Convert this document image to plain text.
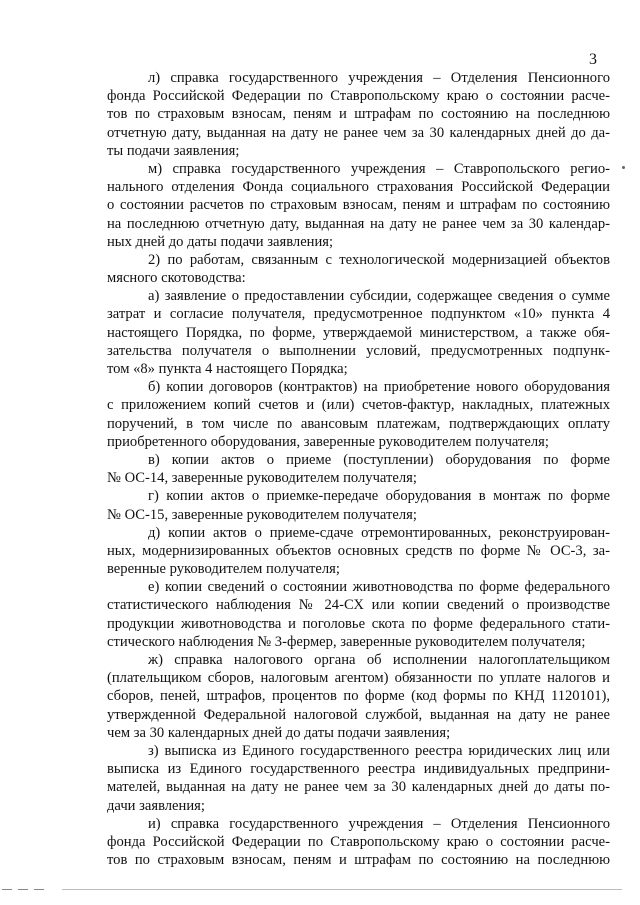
3
л) справка государственного учреждения – Отделения Пенсионного
фонда Российской Федерации по Ставропольскому краю о состоянии расче-
тов по страховым взносам, пеням и штрафам по состоянию на последнюю
отчетную дату, выданная на дату не ранее чем за 30 календарных дней до да-
ты подачи заявления;
м) справка государственного учреждения – Ставропольского регио-
нального отделения Фонда социального страхования Российской Федерации
о состоянии расчетов по страховым взносам, пеням и штрафам по состоянию
на последнюю отчетную дату, выданная на дату не ранее чем за 30 календар-
ных дней до даты подачи заявления;
2) по работам, связанным с технологической модернизацией объектов
мясного скотоводства:
а) заявление о предоставлении субсидии, содержащее сведения о сумме
затрат и согласие получателя, предусмотренное подпунктом «10» пункта 4
настоящего Порядка, по форме, утверждаемой министерством, а также обя-
зательства получателя о выполнении условий, предусмотренных подпунк-
том «8» пункта 4 настоящего Порядка;
б) копии договоров (контрактов) на приобретение нового оборудования
с приложением копий счетов и (или) счетов-фактур, накладных, платежных
поручений, в том числе по авансовым платежам, подтверждающих оплату
приобретенного оборудования, заверенные руководителем получателя;
в) копии актов о приеме (поступлении) оборудования по форме
№ ОС-14, заверенные руководителем получателя;
г) копии актов о приемке-передаче оборудования в монтаж по форме
№ ОС-15, заверенные руководителем получателя;
д) копии актов о приеме-сдаче отремонтированных, реконструирован-
ных, модернизированных объектов основных средств по форме № ОС-3, за-
веренные руководителем получателя;
е) копии сведений о состоянии животноводства по форме федерального
статистического наблюдения № 24-СХ или копии сведений о производстве
продукции животноводства и поголовье скота по форме федерального стати-
стического наблюдения № 3-фермер, заверенные руководителем получателя;
ж) справка налогового органа об исполнении налогоплательщиком
(плательщиком сборов, налоговым агентом) обязанности по уплате налогов и
сборов, пеней, штрафов, процентов по форме (код формы по КНД 1120101),
утвержденной Федеральной налоговой службой, выданная на дату не ранее
чем за 30 календарных дней до даты подачи заявления;
з) выписка из Единого государственного реестра юридических лиц или
выписка из Единого государственного реестра индивидуальных предприни-
мателей, выданная на дату не ранее чем за 30 календарных дней до даты по-
дачи заявления;
и) справка государственного учреждения – Отделения Пенсионного
фонда Российской Федерации по Ставропольскому краю о состоянии расче-
тов по страховым взносам, пеням и штрафам по состоянию на последнюю
